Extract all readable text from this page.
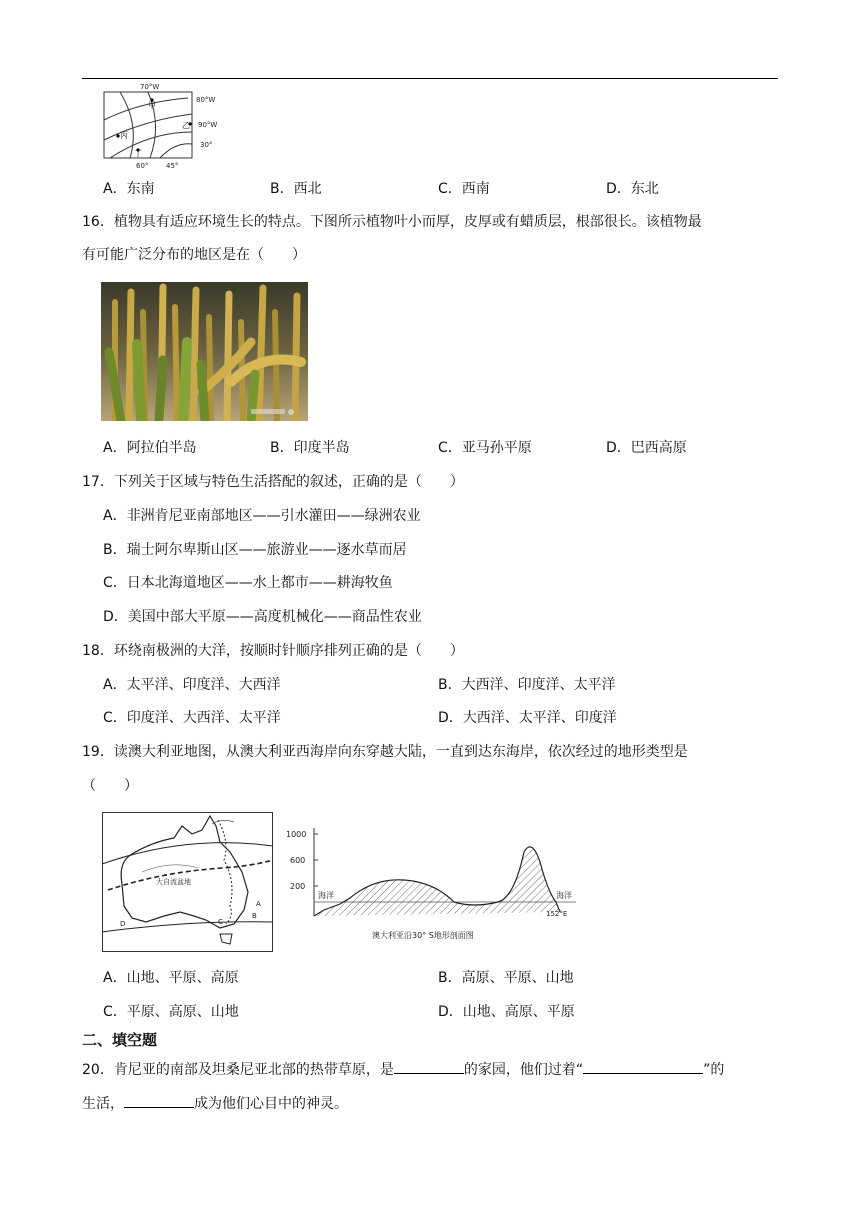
70°W
80°W
90°W
30°
60°	45°
甲
乙
丙
丁
A．东南	B．西北	C．西南	D．东北
16．植物具有适应环境生长的特点。下图所示植物叶小而厚，皮厚或有蜡质层，根部很长。该植物最
有可能广泛分布的地区是在（　　）
A．阿拉伯半岛	B．印度半岛	C．亚马孙平原	D．巴西高原
17．下列关于区域与特色生活搭配的叙述，正确的是（　　）
A．非洲肯尼亚南部地区——引水灌田——绿洲农业
B．瑞士阿尔卑斯山区——旅游业——逐水草而居
C．日本北海道地区——水上都市——耕海牧鱼
D．美国中部大平原——高度机械化——商品性农业
18．环绕南极洲的大洋，按顺时针顺序排列正确的是（　　）
A．太平洋、印度洋、大西洋	B．大西洋、印度洋、太平洋
C．印度洋、大西洋、太平洋	D．大西洋、太平洋、印度洋
19．读澳大利亚地图，从澳大利亚西海岸向东穿越大陆，一直到达东海岸，依次经过的地形类型是
（　　）
大自流盆地
A
B
C
D
1000
600
200
海洋	海洋
152°E
澳大利亚沿30° S地形剖面图
A．山地、平原、高原	B．高原、平原、山地
C．平原、高原、山地	D．山地、高原、平原
二、填空题
20．肯尼亚的南部及坦桑尼亚北部的热带草原，是	的家园，他们过着“	”的
生活，	成为他们心目中的神灵。
